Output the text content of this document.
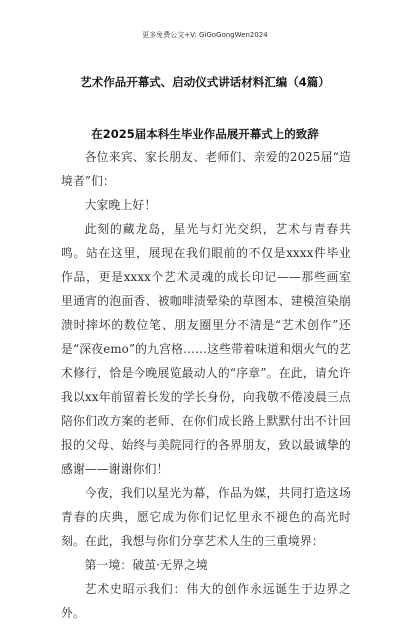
更多免费公文+V: GiGoGongWen2024
艺术作品开幕式、启动仪式讲话材料汇编（4篇）
在2025届本科生毕业作品展开幕式上的致辞

各位来宾、家长朋友、老师们、亲爱的2025届“造境者”们：

大家晚上好！

此刻的藏龙岛，星光与灯光交织，艺术与青春共鸣。站在这里，展现在我们眼前的不仅是xxxx件毕业作品，更是xxxx个艺术灵魂的成长印记——那些画室里通宵的泡面香、被咖啡渍晕染的草图本、建模渲染崩溃时摔坏的数位笔、朋友圈里分不清是“艺术创作”还是“深夜emo”的九宫格……这些带着味道和烟火气的艺术修行，恰是今晚展览最动人的“序章”。在此，请允许我以xx年前留着长发的学长身份，向我敬不倦凌晨三点陪你们改方案的老师、在你们成长路上默默付出不计回报的父母、始终与美院同行的各界朋友，致以最诚挚的感谢——谢谢你们！

今夜，我们以星光为幕，作品为媒，共同打造这场青春的庆典，愿它成为你们记忆里永不褪色的高光时刻。在此，我想与你们分享艺术人生的三重境界：

第一境：破茧·无界之境

艺术史昭示我们：伟大的创作永远诞生于边界之外。
